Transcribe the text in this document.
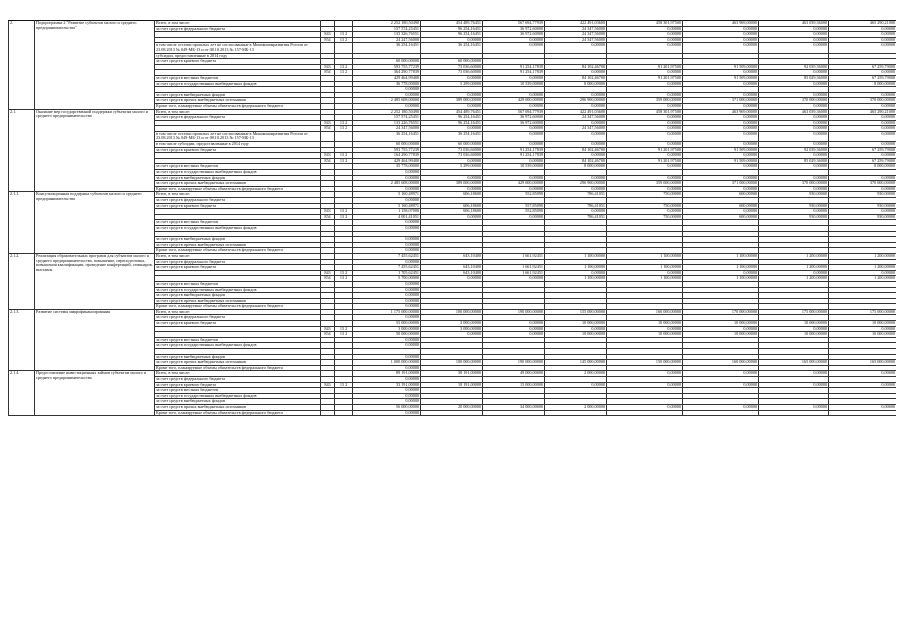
2.	Подпрограмма 2 "Развитие субъектов малого и среднего предпринимательства"	Всего, в том числе:			2 252 180,50490	454 489,76451	567 694,77939	422 491,03600	458 301,97500	463 969,00000	463 039,36000	465 290,21000
		за счет средств федерального бюджета			157 574,25451	96 254,16451	36 972,60000	24 347,56000	0,00000	0,00000	0,00000	0,00000
			843	13 2	133 326,76551	96 254,16451	36 972,60000	24 347,56000	0,00000	0,00000	0,00000	0,00000
			854	13 2	24 247,56000	0,00000	0,00000	24 347,56000	0,00000	0,00000	0,00000	0,00000
		в том числе остатки прошлых лет не согласованные в Минэкономразвития России от 23.08.2013 № 049-МБ-13 и от 08.10.2013 № 157-МБ-13			36 254,16451	36 254,16451	0,00000	0,00000	0,00000	0,00000	0,00000	0,00000
		субсидии, предоставленные в 2014 году										
		за счет средств краевого бюджета			60 000,00000	60 000,00000						
			843	13 2	593 755,77239	73 036,60000	91 254,17839	84 102,46700	91 201,97500	91 509,00000	92 039,36000	67 259,79000
			854	13 2	364 290,77839	73 036,60000	91 254,17839	0,00000	0,00000	0,00000	0,00000	0,00000
		за счет средств местных бюджетов			429 464,99400	0,00000	0,00000	84 102,46700	91 201,97500	91 509,00000	85 029,36000	67 259,79000
		за счет средств государственных внебюджетных фондов			36 778,00000	5 299,00000	10 539,00000	8 000,00000	0,00000	0,00000	0,00000	8 000,00000
					0,00000							
		за счет средств внебюджетных фондов			0,00000	0,00000	0,00000	0,00000	0,00000	0,00000	0,00000	0,00000
		за счет средств прочих внебюджетных источников			2 485 608,00000	389 000,00000	429 000,00000	296 900,00000	359 000,00000	371 000,00000	370 000,00000	370 000,00000
		Кроме того, планируемые объемы обязательств федерального бюджета			0,00000	0,00000	0,00000	0,00000	0,00000	0,00000	0,00000	0,00000
2.1.	Оказание мер государственной поддержки субъектам малого и среднего предпринимательства	Всего, в том числе:			2 252 180,50490	454 489,76451	567 694,77939	422 491,03600	458 301,97500	463 969,00000	463 039,36000	465 290,21000
		за счет средств федерального бюджета			157 574,25451	96 254,16451	36 972,60000	24 347,56000	0,00000	0,00000	0,00000	0,00000
			843	13 2	133 226,76551	96 254,16451	36 972,60000	0,00000	0,00000	0,00000	0,00000	0,00000
			854	13 2	24 347,56000	0,00000	0,00000	24 347,56000	0,00000	0,00000	0,00000	0,00000
		в том числе остатки прошлых лет не согласованные в Минэкономразвития России от 23.08.2013 № 049-МБ-13 и от 08.10.2013 № 157-МБ-13			36 254,16451	36 254,16451	0,00000	0,00000	0,00000	0,00000	0,00000	0,00000
		в том числе субсидии, предоставленные в 2014 году			60 000,00000	60 000,00000	0,00000	0,00000	0,00000	0,00000	0,00000	0,00000
		за счет средств краевого бюджета			593 755,77239	73 036,60000	91 254,17839	84 102,46700	91 201,97500	91 509,00000	92 039,36000	67 259,79000
			843	13 2	164 290,77839	73 036,60000	91 254,17839	0,00000	0,00000	0,00000	0,00000	0,00000
			854	13 2	429 464,99400	0,00000	0,00000	84 102,46700	91 201,97500	91 509,00000	85 029,36000	67 259,79000
		за счет средств местных бюджетов			35 778,00000	5 299,00000	10 539,00000	8 000,00000	0,00000	0,00000	0,00000	8 000,00000
		за счет средств государственных внебюджетных фондов			0,00000							
		за счет средств внебюджетных фондов			0,00000	0,00000	0,00000	0,00000	0,00000	0,00000	0,00000	0,00000
		за счет средств прочих внебюджетных источников			2 485 608,00000	389 000,00000	429 000,00000	296 900,00000	359 000,00000	371 000,00000	370 000,00000	370 000,00000
		Кроме того, планируемые объемы обязательств федерального бюджета			0,00000	0,00000	0,00000	0,00000	0,00000	0,00000	0,00000	0,00000
2.1.1.	Консультационная поддержка субъектов малого и среднего предпринимательства	Всего, в том числе:			5 160,48971	606,18600	552,85090	786,41051	750,00000	600,00000	930,00000	930,00000
		за счет средств федерального бюджета			0,00000							
		за счет средств краевого бюджета			5 160,48971	606,18600	557,85090	786,41051	750,00000	600,00000	930,00000	930,00000
			843	13 2	1 158,07000	606,18600	552,85090	0,00000	0,00000	0,00000	0,00000	0,00000
			854	13 2	4 001,41051	0,00000	0,00000	786,41051	750,00000	600,00000	930,00000	930,00000
		за счет средств местных бюджетов			0,00000							
		за счет средств государственных внебюджетных фондов			0,00000							

		за счет средств внебюджетных фондов			0,00000							
		за счет средств прочих внебюджетных источников			0,00000							
		Кроме того, планируемые объемы обязательств федерального бюджета			0,00000							
2.1.2.	Реализация образовательных программ для субъектов малого и среднего предпринимательства, повышение, переподготовка, повышения квалификации, проведение конференций, семинаров, выставок	Всего, в том числе:			7 455,62451	643,10400	1 661,92451	1 100,00000	1 100,00000	1 100,00000	1 200,00000	1 200,00000
		за счет средств федерального бюджета			0,00000							
		за счет средств краевого бюджета			7 455,62451	643,10400	1 661,92451	1 100,00000	1 100,00000	1 100,00000	1 200,00000	1 200,00000
			843	13 2	1 705,62451	643,10400	1 661,92451	0,00000	0,00000	0,00000	0,00000	0,00000
			854	13 2	5 700,00000	0,00000	0,00000	1 100,00000	1 100,00000	1 100,00000	1 200,00000	1 200,00000
		за счет средств местных бюджетов			0,00000							
		за счет средств государственных внебюджетных фондов			0,00000							
		за счет средств внебюджетных фондов			0,00000							
		за счет средств прочих внебюджетных источников			0,00000							
		Кроме того, планируемые объемы обязательств федерального бюджета			0,00000							
2.1.3.	Развитие системы микрофинансирования	Всего, в том числе:			1 175 000,00000	100 000,00000	190 000,00000	155 000,00000	160 000,00000	170 000,00000	175 000,00000	175 000,00000
		за счет средств федерального бюджета			0,00000							
		за счет средств краевого бюджета			55 000,00000	3 000,00000	0,00000	10 000,00000	10 000,00000	10 000,00000	10 000,00000	10 000,00000
			843	13 2	3 000,00000	3 000,00000	0,00000	0,00000	0,00000	0,00000	0,00000	0,00000
			854	13 2	50 000,00000	0,00000	0,00000	10 000,00000	10 000,00000	10 000,00000	10 000,00000	10 000,00000
		за счет средств местных бюджетов			0,00000							
		за счет средств государственных внебюджетных фондов			0,00000							

		за счет средств внебюджетных фондов			0,00000							
		за счет средств прочих внебюджетных источников			1 000 000,00000	100 000,00000	190 000,00000	145 000,00000	150 000,00000	160 000,00000	165 000,00000	165 000,00000
		Кроме того, планируемые объемы обязательств федерального бюджета			0,00000							
2.1.4.	Предоставление инвестиционных займов субъектам малого и среднего предпринимательства	Всего, в том числе:			89 191,00000	38 191,00000	49 000,00000	2 000,00000	0,00000	0,00000	0,00000	0,00000
		за счет средств федерального бюджета			0,00000							
		за счет средств краевого бюджета	843	13 2	33 191,00000	18 191,00000	15 000,00000	0,00000	0,00000	0,00000	0,00000	0,00000
		за счет средств местных бюджетов			0,00000							
		за счет средств государственных внебюджетных фондов			0,00000							
		за счет средств внебюджетных фондов			0,00000							
		за счет средств прочих внебюджетных источников			56 000,00000	20 000,00000	34 000,00000	2 000,00000	0,00000	0,00000	0,00000	0,00000
		Кроме того, планируемые объемы обязательств федерального бюджета			0,00000							
